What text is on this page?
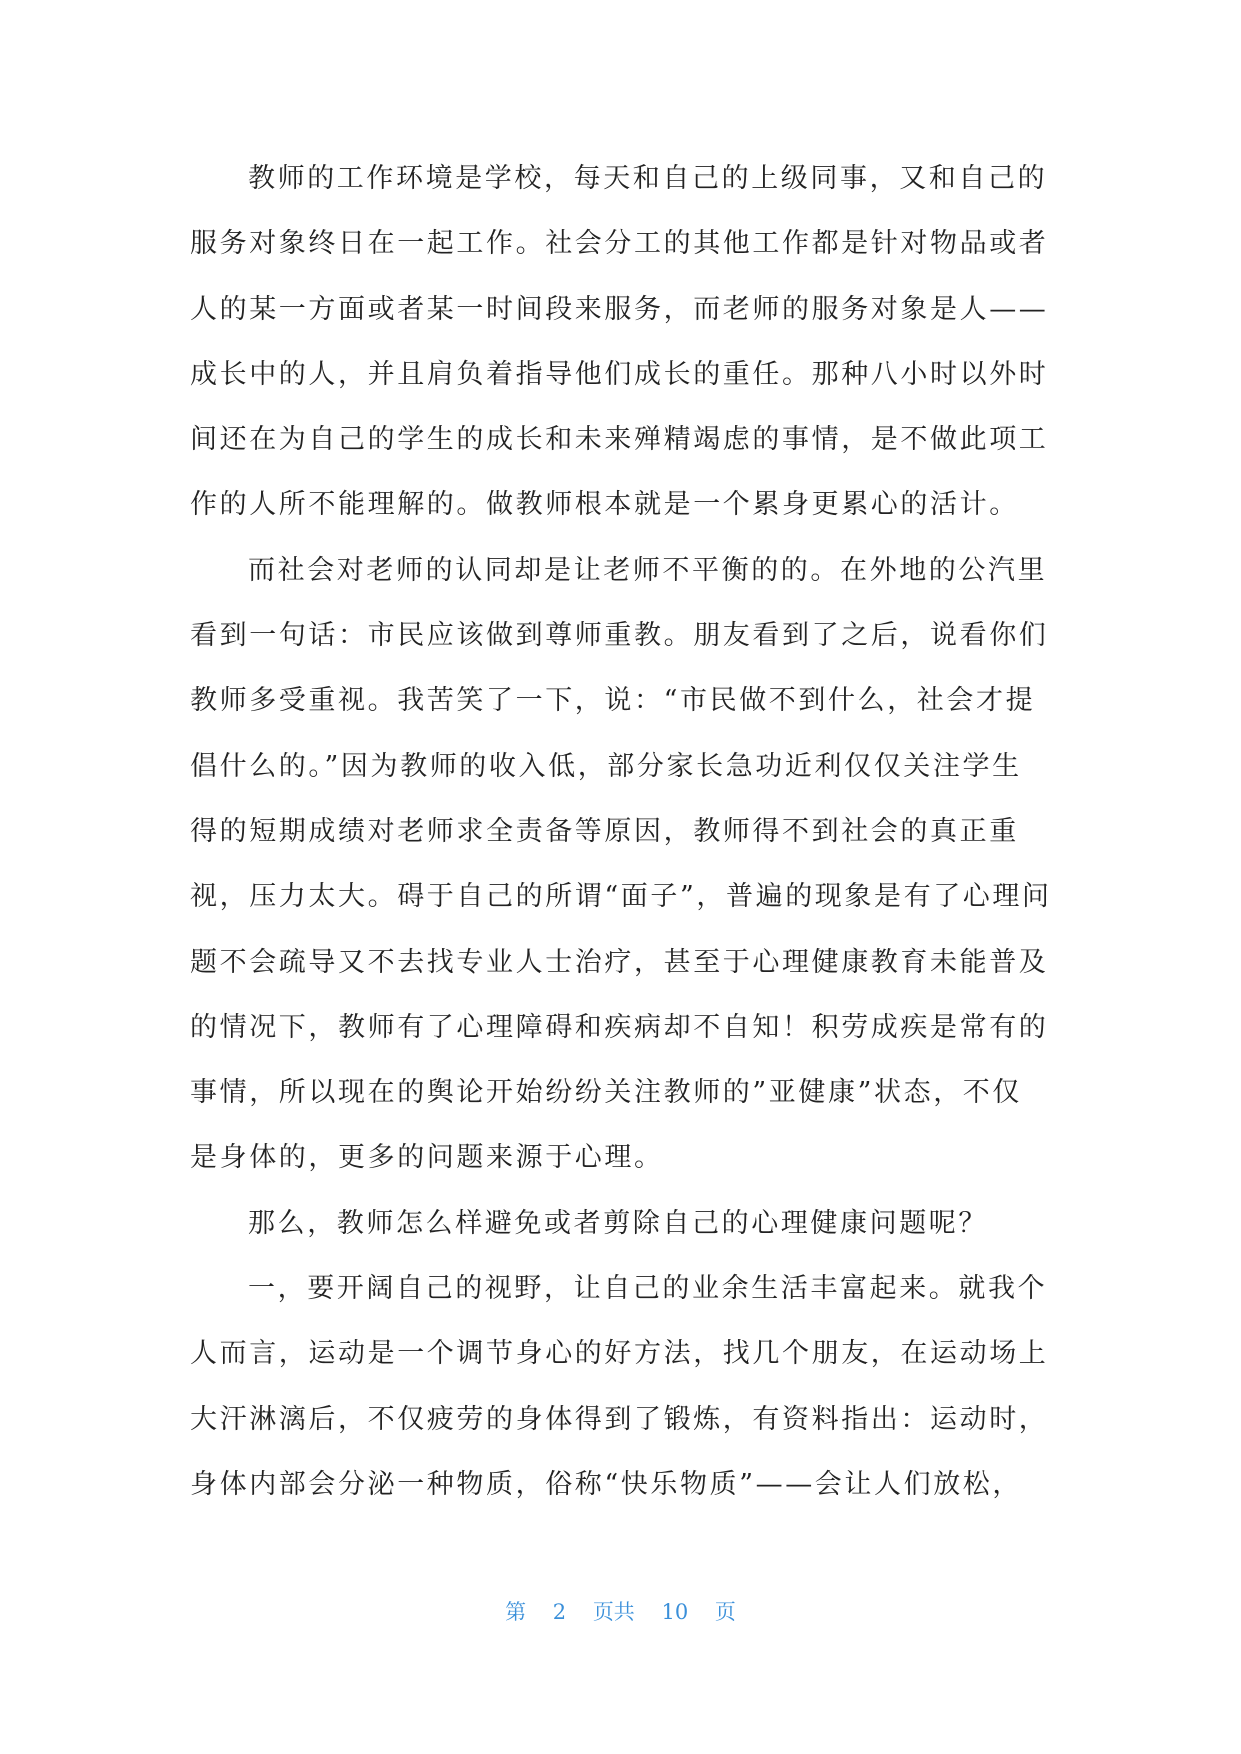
教师的工作环境是学校，每天和自己的上级同事，又和自己的
服务对象终日在一起工作。社会分工的其他工作都是针对物品或者
人的某一方面或者某一时间段来服务，而老师的服务对象是人——
成长中的人，并且肩负着指导他们成长的重任。那种八小时以外时
间还在为自己的学生的成长和未来殚精竭虑的事情，是不做此项工
作的人所不能理解的。做教师根本就是一个累身更累心的活计。
而社会对老师的认同却是让老师不平衡的的。在外地的公汽里
看到一句话：市民应该做到尊师重教。朋友看到了之后，说看你们
教师多受重视。我苦笑了一下，说：“市民做不到什么，社会才提
倡什么的。”因为教师的收入低，部分家长急功近利仅仅关注学生
得的短期成绩对老师求全责备等原因，教师得不到社会的真正重
视，压力太大。碍于自己的所谓“面子”，普遍的现象是有了心理问
题不会疏导又不去找专业人士治疗，甚至于心理健康教育未能普及
的情况下，教师有了心理障碍和疾病却不自知！积劳成疾是常有的
事情，所以现在的舆论开始纷纷关注教师的”亚健康”状态，不仅
是身体的，更多的问题来源于心理。
那么，教师怎么样避免或者剪除自己的心理健康问题呢？
一，要开阔自己的视野，让自己的业余生活丰富起来。就我个
人而言，运动是一个调节身心的好方法，找几个朋友，在运动场上
大汗淋漓后，不仅疲劳的身体得到了锻炼，有资料指出：运动时，
身体内部会分泌一种物质，俗称“快乐物质”——会让人们放松，
第 2 页共 10 页
